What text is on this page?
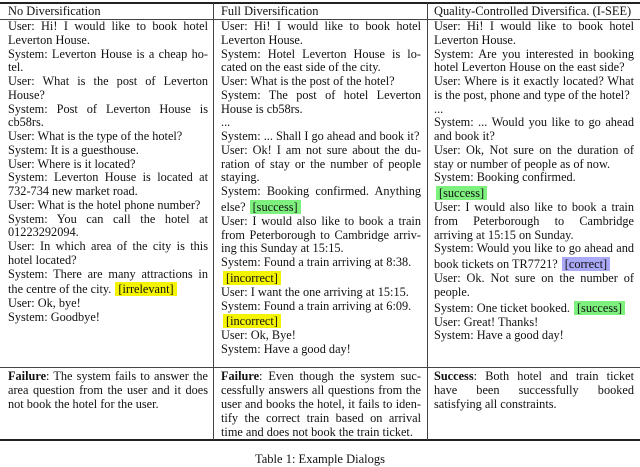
No Diversification
User: Hi! I would like to book hotel Leverton House.
System: Leverton House is a cheap hotel.
User: What is the post of Leverton House?
System: Post of Leverton House is cb58rs.
User: What is the type of the hotel?
System: It is a guesthouse.
User: Where is it located?
System: Leverton House is located at 732-734 new market road.
User: What is the hotel phone number?
System: You can call the hotel at 01223292094.
User: In which area of the city is this hotel located?
System: There are many attractions in the centre of the city. [irrelevant]
User: Ok, bye!
System: Goodbye!
Failure: The system fails to answer the area question from the user and it does not book the hotel for the user.
Full Diversification
User: Hi! I would like to book hotel Leverton House.
System: Hotel Leverton House is located on the east side of the city.
User: What is the post of the hotel?
System: The post of hotel Leverton House is cb58rs.
...
System: ... Shall I go ahead and book it?
User: Ok! I am not sure about the duration of stay or the number of people staying.
System: Booking confirmed. Anything else? [success]
User: I would also like to book a train from Peterborough to Cambridge arriving this Sunday at 15:15.
System: Found a train arriving at 8:38.
[incorrect]
User: I want the one arriving at 15:15.
System: Found a train arriving at 6:09.
[incorrect]
User: Ok, Bye!
System: Have a good day!
Failure: Even though the system successfully answers all questions from the user and books the hotel, it fails to identify the correct train based on arrival time and does not book the train ticket.
Quality-Controlled Diversifica. (I-SEE)
User: Hi! I would like to book hotel Leverton House.
System: Are you interested in booking hotel Leverton House on the east side?
User: Where is it exactly located? What is the post, phone and type of the hotel?
...
System: ... Would you like to go ahead and book it?
User: Ok, Not sure on the duration of stay or number of people as of now.
System: Booking confirmed.
[success]
User: I would also like to book a train from Peterborough to Cambridge arriving at 15:15 on Sunday.
System: Would you like to go ahead and book tickets on TR7721? [correct]
User: Ok. Not sure on the number of people.
System: One ticket booked. [success]
User: Great! Thanks!
System: Have a good day!
Success: Both hotel and train ticket have been successfully booked satisfying all constraints.
Table 1: Example Dialogs
